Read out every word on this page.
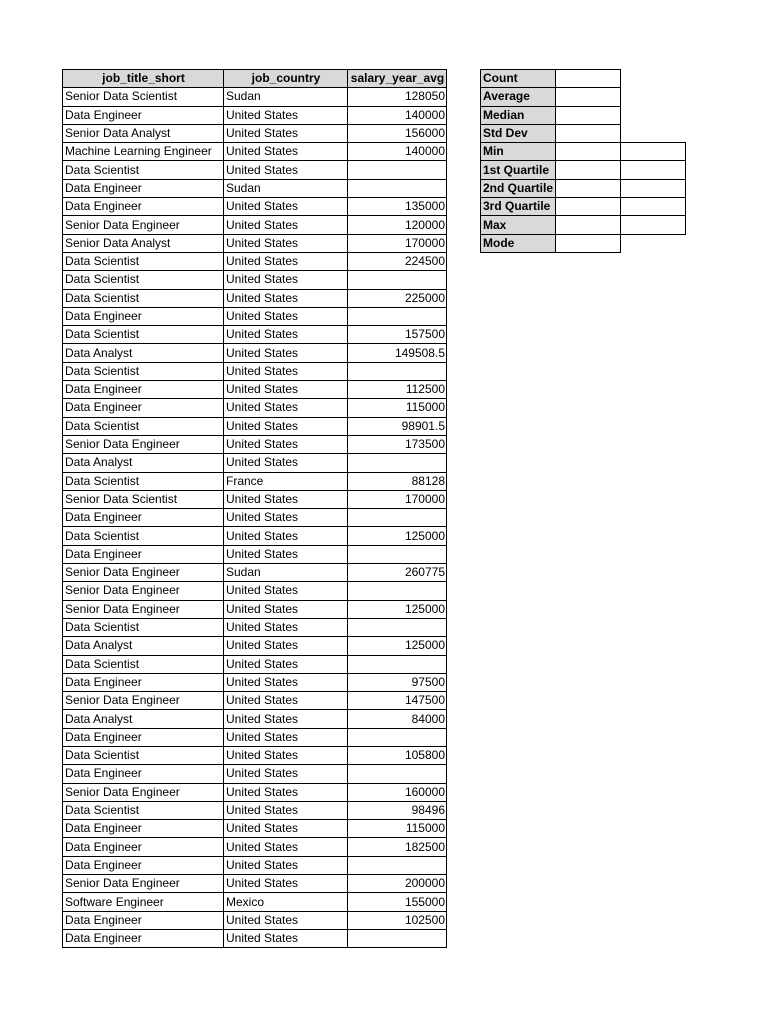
job_title_short	job_country	salary_year_avg
Senior Data Scientist	Sudan	128050
Data Engineer	United States	140000
Senior Data Analyst	United States	156000
Machine Learning Engineer	United States	140000
Data Scientist	United States	
Data Engineer	Sudan	
Data Engineer	United States	135000
Senior Data Engineer	United States	120000
Senior Data Analyst	United States	170000
Data Scientist	United States	224500
Data Scientist	United States	
Data Scientist	United States	225000
Data Engineer	United States	
Data Scientist	United States	157500
Data Analyst	United States	149508.5
Data Scientist	United States	
Data Engineer	United States	112500
Data Engineer	United States	115000
Data Scientist	United States	98901.5
Senior Data Engineer	United States	173500
Data Analyst	United States	
Data Scientist	France	88128
Senior Data Scientist	United States	170000
Data Engineer	United States	
Data Scientist	United States	125000
Data Engineer	United States	
Senior Data Engineer	Sudan	260775
Senior Data Engineer	United States	
Senior Data Engineer	United States	125000
Data Scientist	United States	
Data Analyst	United States	125000
Data Scientist	United States	
Data Engineer	United States	97500
Senior Data Engineer	United States	147500
Data Analyst	United States	84000
Data Engineer	United States	
Data Scientist	United States	105800
Data Engineer	United States	
Senior Data Engineer	United States	160000
Data Scientist	United States	98496
Data Engineer	United States	115000
Data Engineer	United States	182500
Data Engineer	United States	
Senior Data Engineer	United States	200000
Software Engineer	Mexico	155000
Data Engineer	United States	102500
Data Engineer	United States	
Count		
Average		
Median		
Std Dev		
Min		
1st Quartile		
2nd Quartile		
3rd Quartile		
Max		
Mode		
